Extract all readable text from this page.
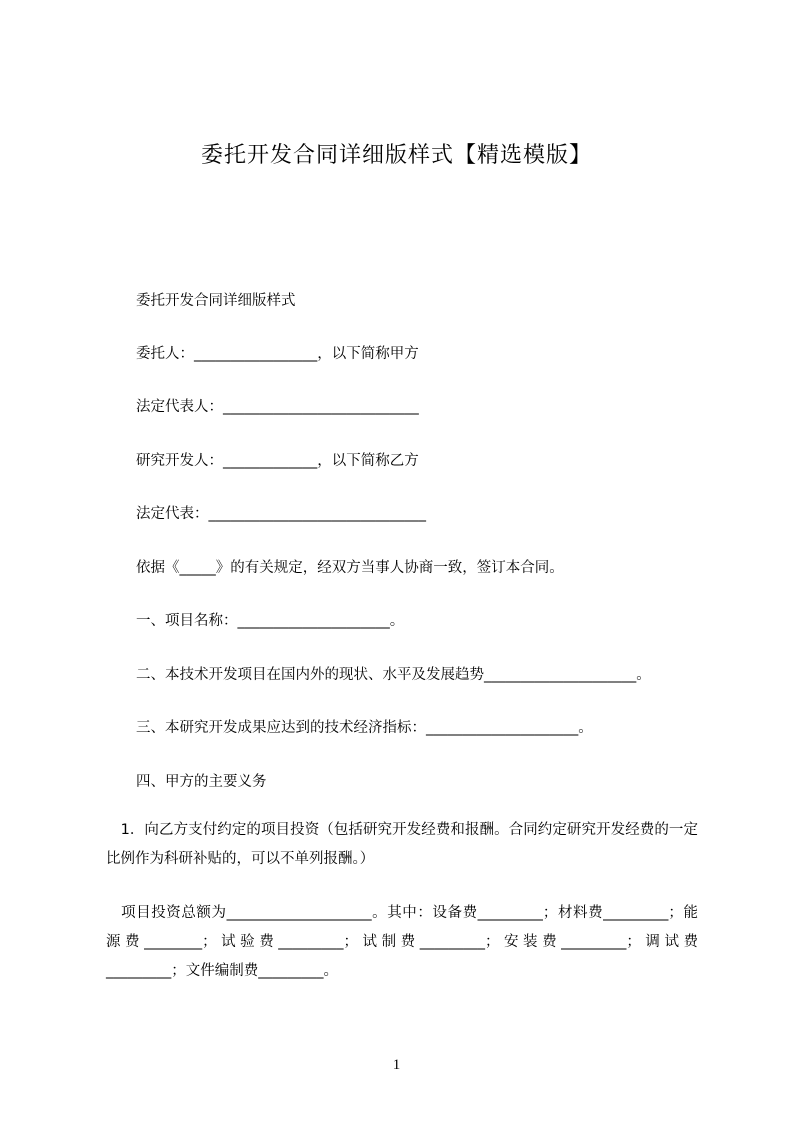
委托开发合同详细版样式【精选模版】
委托开发合同详细版样式
委托人：_________________，以下简称甲方
法定代表人：___________________________
研究开发人：_____________，以下简称乙方
法定代表：______________________________
依据《_____》的有关规定，经双方当事人协商一致，签订本合同。
一、项目名称：_____________________。
二、本技术开发项目在国内外的现状、水平及发展趋势_____________________。
三、本研究开发成果应达到的技术经济指标：_____________________。
四、甲方的主要义务
　1．向乙方支付约定的项目投资（包括研究开发经费和报酬。合同约定研究开发经费的一定比例作为科研补贴的，可以不单列报酬。）
　项目投资总额为____________________。其中：设备费_________；材料费_________；能源费________；试验费_________；试制费_________；安装费_________；调试费_________；文件编制费_________。
1
